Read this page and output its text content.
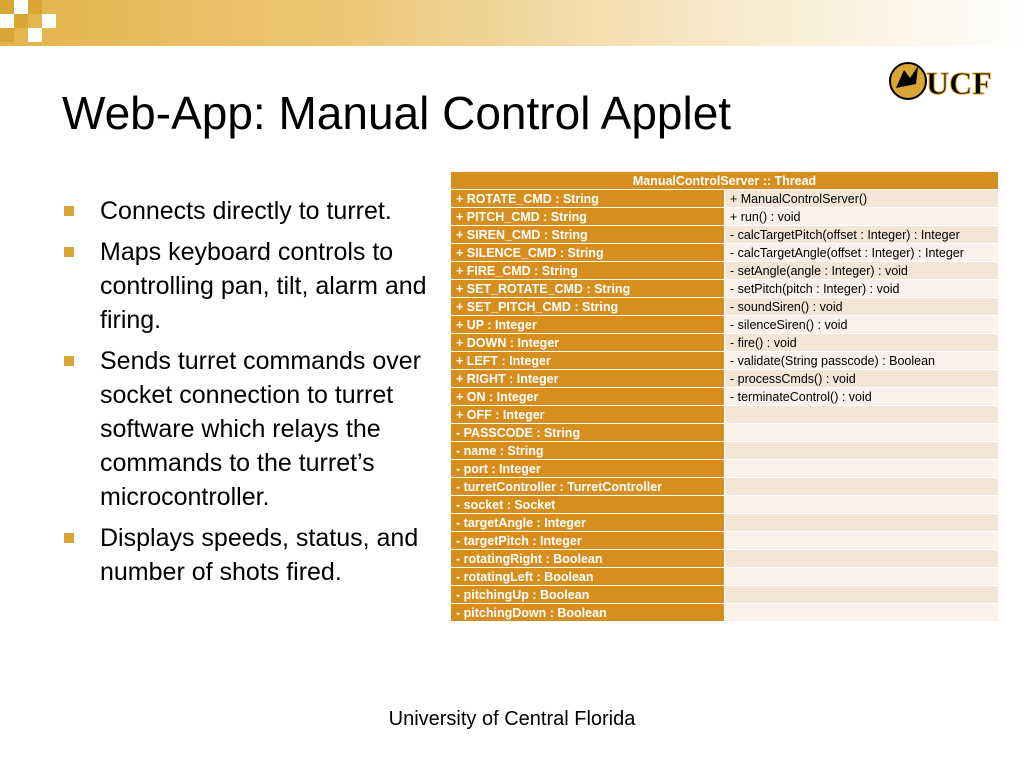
UCF
Web-App: Manual Control Applet
Connects directly to turret.
Maps keyboard controls to controlling pan, tilt, alarm and firing.
Sends turret commands over socket connection to turret software which relays the commands to the turret’s microcontroller.
Displays speeds, status, and number of shots fired.
ManualControlServer :: Thread	
+ ROTATE_CMD : String	+ ManualControlServer()
+ PITCH_CMD : String	+ run() : void
+ SIREN_CMD : String	- calcTargetPitch(offset : Integer) : Integer
+ SILENCE_CMD : String	- calcTargetAngle(offset : Integer) : Integer
+ FIRE_CMD : String	- setAngle(angle : Integer) : void
+ SET_ROTATE_CMD : String	- setPitch(pitch : Integer) : void
+ SET_PITCH_CMD : String	- soundSiren() : void
+ UP : Integer	- silenceSiren() : void
+ DOWN : Integer	- fire() : void
+ LEFT : Integer	- validate(String passcode) : Boolean
+ RIGHT : Integer	- processCmds() : void
+ ON : Integer	- terminateControl() : void
+ OFF : Integer	
- PASSCODE : String	
- name : String	
- port : Integer	
- turretController : TurretController	
- socket : Socket	
- targetAngle : Integer	
- targetPitch : Integer	
- rotatingRight : Boolean	
- rotatingLeft : Boolean	
- pitchingUp : Boolean	
- pitchingDown : Boolean	
University of Central Florida
